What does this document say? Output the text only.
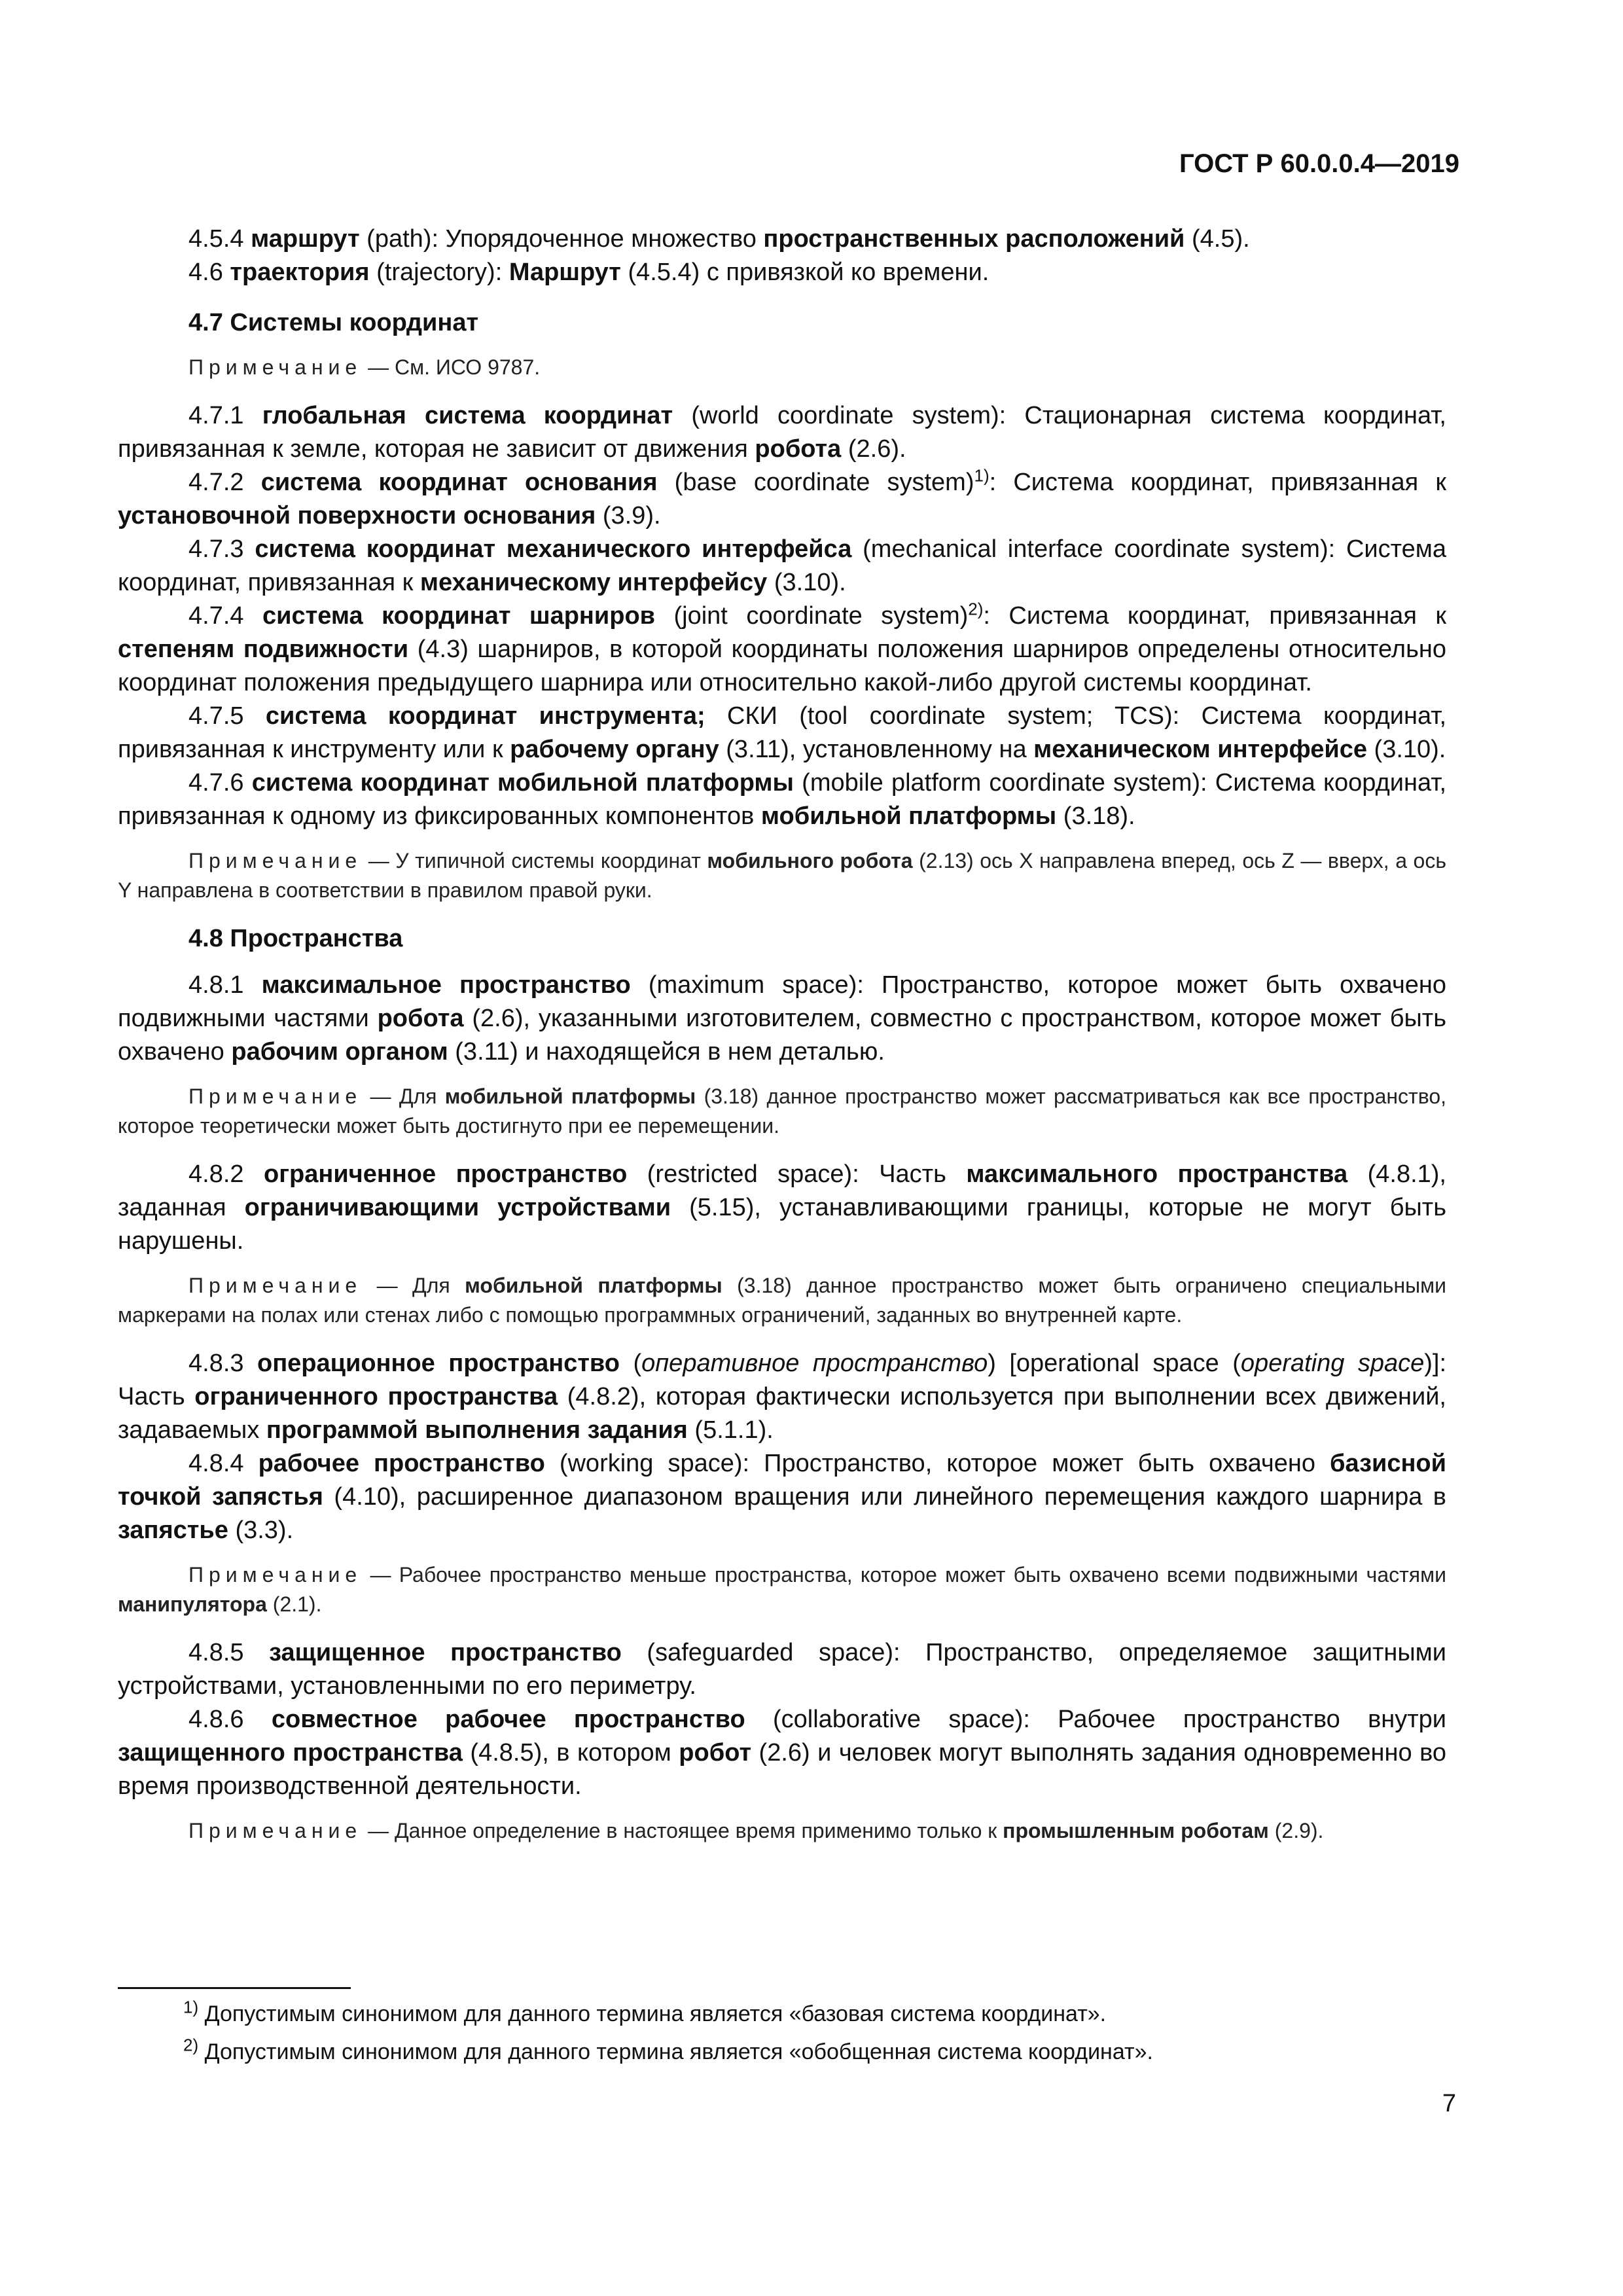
ГОСТ Р 60.0.0.4—2019

4.5.4 маршрут (path): Упорядоченное множество пространственных расположений (4.5).

4.6 траектория (trajectory): Маршрут (4.5.4) с привязкой ко времени.

4.7 Системы координат

Примечание — См. ИСО 9787.

4.7.1 глобальная система координат (world coordinate system): Стационарная система координат, привязанная к земле, которая не зависит от движения робота (2.6).

4.7.2 система координат основания (base coordinate system)$^{1)}$: Система координат, привязанная к установочной поверхности основания (3.9).

4.7.3 система координат механического интерфейса (mechanical interface coordinate system): Система координат, привязанная к механическому интерфейсу (3.10).

4.7.4 система координат шарниров (joint coordinate system)$^{2)}$: Система координат, привязанная к степеням подвижности (4.3) шарниров, в которой координаты положения шарниров определены относительно координат положения предыдущего шарнира или относительно какой-либо другой системы координат.

4.7.5 система координат инструмента; СКИ (tool coordinate system; TCS): Система координат, привязанная к инструменту или к рабочему органу (3.11), установленному на механическом интерфейсе (3.10).

4.7.6 система координат мобильной платформы (mobile platform coordinate system): Система координат, привязанная к одному из фиксированных компонентов мобильной платформы (3.18).

Примечание — У типичной системы координат мобильного робота (2.13) ось X направлена вперед, ось Z — вверх, а ось Y направлена в соответствии в правилом правой руки.

4.8 Пространства

4.8.1 максимальное пространство (maximum space): Пространство, которое может быть охвачено подвижными частями робота (2.6), указанными изготовителем, совместно с пространством, которое может быть охвачено рабочим органом (3.11) и находящейся в нем деталью.

Примечание — Для мобильной платформы (3.18) данное пространство может рассматриваться как все пространство, которое теоретически может быть достигнуто при ее перемещении.

4.8.2 ограниченное пространство (restricted space): Часть максимального пространства (4.8.1), заданная ограничивающими устройствами (5.15), устанавливающими границы, которые не могут быть нарушены.

Примечание — Для мобильной платформы (3.18) данное пространство может быть ограничено специальными маркерами на полах или стенах либо с помощью программных ограничений, заданных во внутренней карте.

4.8.3 операционное пространство (оперативное пространство) [operational space (operating space)]: Часть ограниченного пространства (4.8.2), которая фактически используется при выполнении всех движений, задаваемых программой выполнения задания (5.1.1).

4.8.4 рабочее пространство (working space): Пространство, которое может быть охвачено базисной точкой запястья (4.10), расширенное диапазоном вращения или линейного перемещения каждого шарнира в запястье (3.3).

Примечание — Рабочее пространство меньше пространства, которое может быть охвачено всеми подвижными частями манипулятора (2.1).

4.8.5 защищенное пространство (safeguarded space): Пространство, определяемое защитными устройствами, установленными по его периметру.

4.8.6 совместное рабочее пространство (collaborative space): Рабочее пространство внутри защищенного пространства (4.8.5), в котором робот (2.6) и человек могут выполнять задания одновременно во время производственной деятельности.

Примечание — Данное определение в настоящее время применимо только к промышленным роботам (2.9).

$^{1)}$ Допустимым синонимом для данного термина является «базовая система координат».

$^{2)}$ Допустимым синонимом для данного термина является «обобщенная система координат».

7
